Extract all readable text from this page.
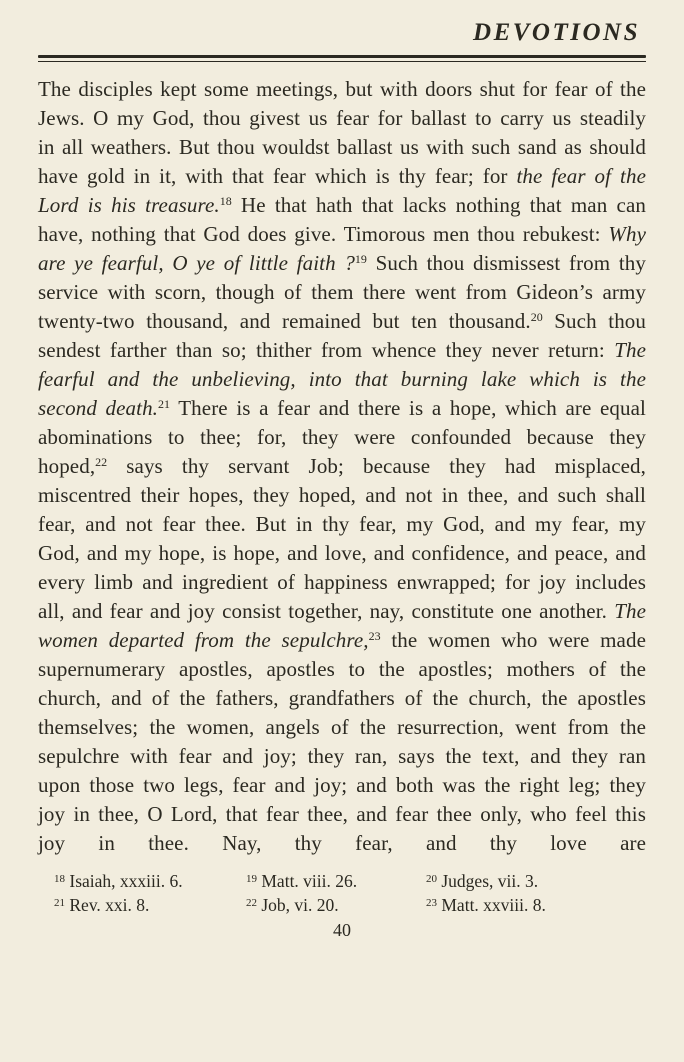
DEVOTIONS

The disciples kept some meetings, but with doors shut for fear of the Jews. O my God, thou givest us fear for ballast to carry us steadily in all weathers. But thou wouldst ballast us with such sand as should have gold in it, with that fear which is thy fear; for the fear of the Lord is his treasure.$^{18}$ He that hath that lacks nothing that man can have, nothing that God does give. Timorous men thou rebukest: Why are ye fearful, O ye of little faith ?$^{19}$ Such thou dismissest from thy service with scorn, though of them there went from Gideon’s army twenty-two thousand, and remained but ten thousand.$^{20}$ Such thou sendest farther than so; thither from whence they never return: The fearful and the unbelieving, into that burning lake which is the second death.$^{21}$ There is a fear and there is a hope, which are equal abominations to thee; for, they were confounded because they hoped,$^{22}$ says thy servant Job; because they had misplaced, miscentred their hopes, they hoped, and not in thee, and such shall fear, and not fear thee. But in thy fear, my God, and my fear, my God, and my hope, is hope, and love, and confidence, and peace, and every limb and ingredient of happiness enwrapped; for joy includes all, and fear and joy consist together, nay, constitute one another. The women departed from the sepulchre,$^{23}$ the women who were made supernumerary apostles, apostles to the apostles; mothers of the church, and of the fathers, grandfathers of the church, the apostles themselves; the women, angels of the resurrection, went from the sepulchre with fear and joy; they ran, says the text, and they ran upon those two legs, fear and joy; and both was the right leg; they joy in thee, O Lord, that fear thee, and fear thee only, who feel this joy in thee. Nay, thy fear, and thy love are

$^{18}$ Isaiah, xxxiii. 6.	$^{19}$ Matt. viii. 26.	$^{20}$ Judges, vii. 3.
$^{21}$ Rev. xxi. 8.	$^{22}$ Job, vi. 20.	$^{23}$ Matt. xxviii. 8.
40
